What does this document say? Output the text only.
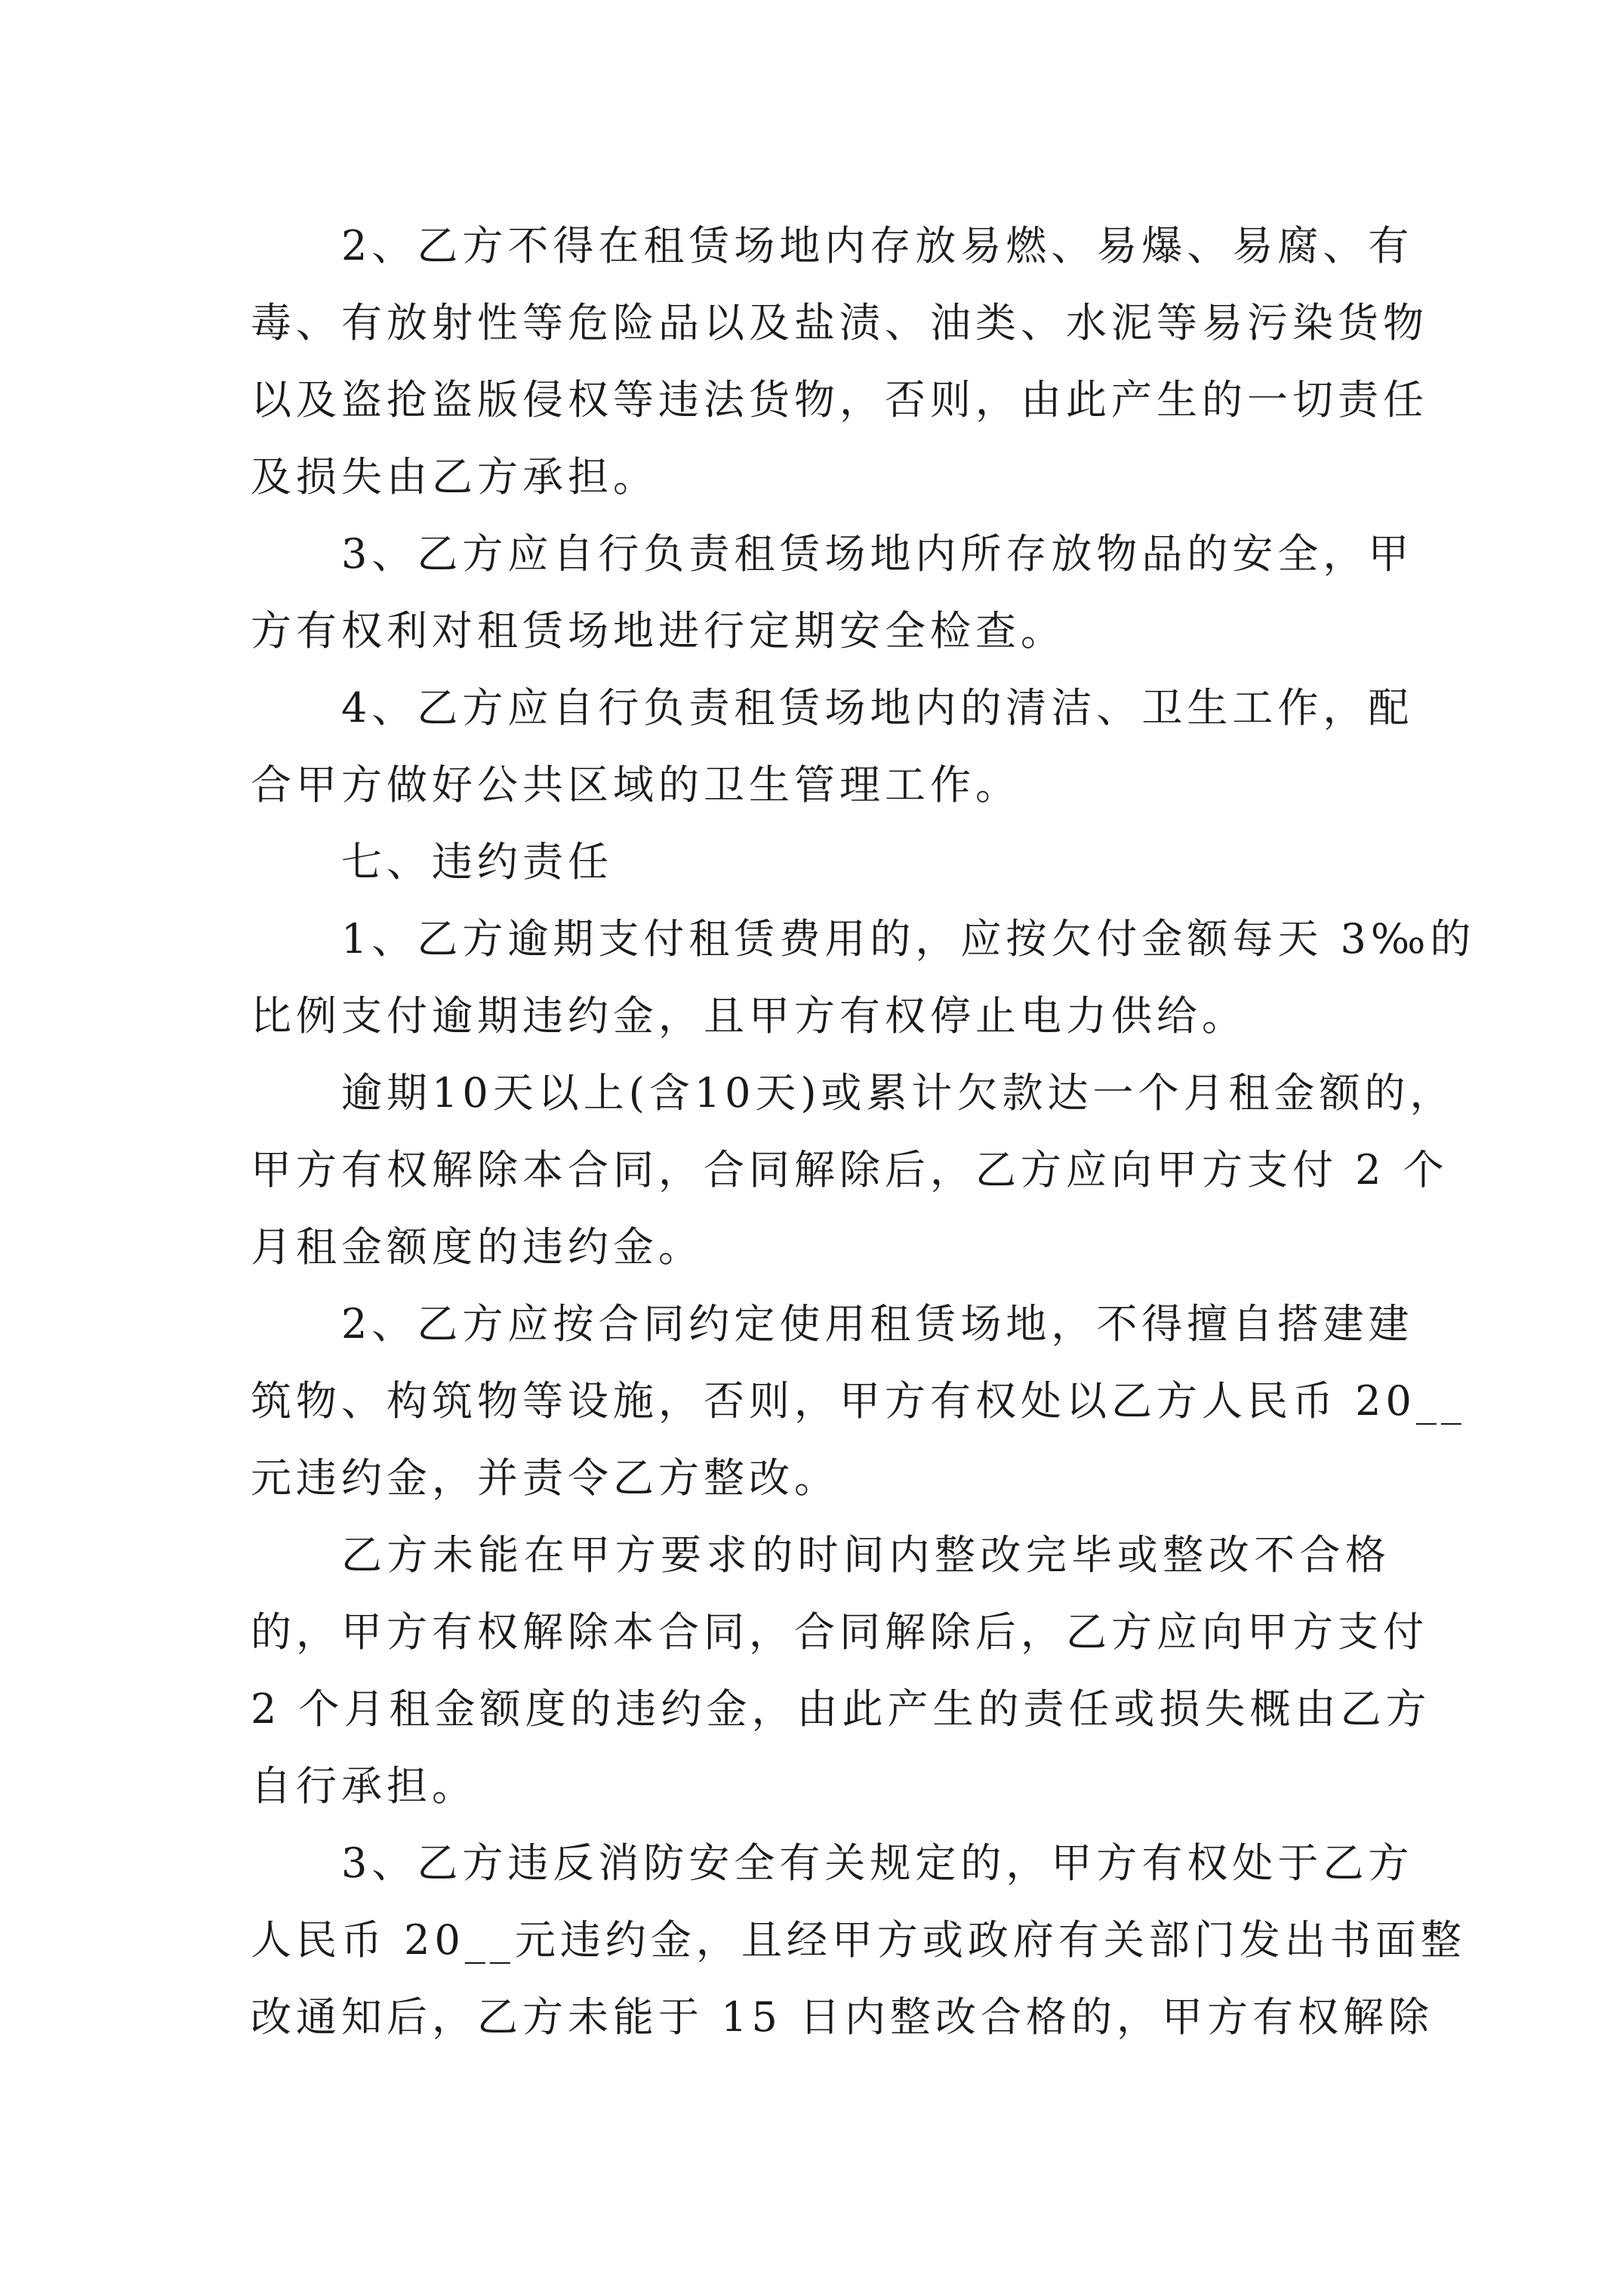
2、乙方不得在租赁场地内存放易燃、易爆、易腐、有
毒、有放射性等危险品以及盐渍、油类、水泥等易污染货物
以及盗抢盗版侵权等违法货物，否则，由此产生的一切责任
及损失由乙方承担。
3、乙方应自行负责租赁场地内所存放物品的安全，甲
方有权利对租赁场地进行定期安全检查。
4、乙方应自行负责租赁场地内的清洁、卫生工作，配
合甲方做好公共区域的卫生管理工作。
七、违约责任
1、乙方逾期支付租赁费用的，应按欠付金额每天 3‰的
比例支付逾期违约金，且甲方有权停止电力供给。
逾期10天以上(含10天)或累计欠款达一个月租金额的，
甲方有权解除本合同，合同解除后，乙方应向甲方支付 2 个
月租金额度的违约金。
2、乙方应按合同约定使用租赁场地，不得擅自搭建建
筑物、构筑物等设施，否则，甲方有权处以乙方人民币 20__
元违约金，并责令乙方整改。
乙方未能在甲方要求的时间内整改完毕或整改不合格
的，甲方有权解除本合同，合同解除后，乙方应向甲方支付
2 个月租金额度的违约金，由此产生的责任或损失概由乙方
自行承担。
3、乙方违反消防安全有关规定的，甲方有权处于乙方
人民币 20__元违约金，且经甲方或政府有关部门发出书面整
改通知后，乙方未能于 15 日内整改合格的，甲方有权解除
